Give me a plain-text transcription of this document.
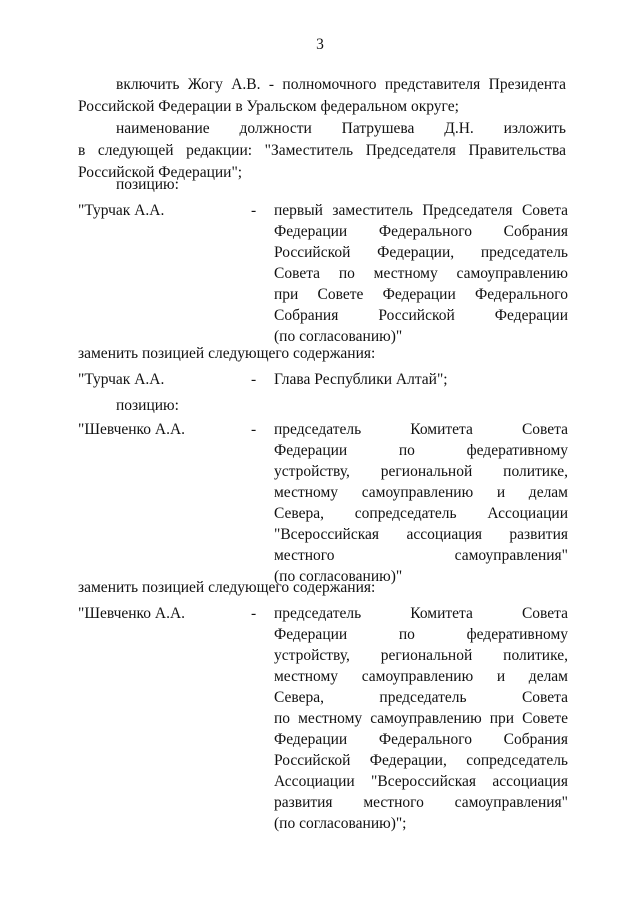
3
включить Жогу А.В. - полномочного представителя Президента
Российской Федерации в Уральском федеральном округе;
наименование должности Патрушева Д.Н. изложить
в следующей редакции: "Заместитель Председателя Правительства
Российской Федерации";
позицию:
"Турчак А.А.	- первый заместитель Председателя Совета
Федерации Федерального Собрания
Российской Федерации, председатель
Совета по местному самоуправлению
при Совете Федерации Федерального
Собрания Российской Федерации
(по согласованию)"
заменить позицией следующего содержания:
"Турчак А.А.	- Глава Республики Алтай";
позицию:
"Шевченко А.А.	- председатель Комитета Совета
Федерации по федеративному
устройству, региональной политике,
местному самоуправлению и делам
Севера, сопредседатель Ассоциации
"Всероссийская ассоциация развития
местного самоуправления"
(по согласованию)"
заменить позицией следующего содержания:
"Шевченко А.А.	- председатель Комитета Совета
Федерации по федеративному
устройству, региональной политике,
местному самоуправлению и делам
Севера, председатель Совета
по местному самоуправлению при Совете
Федерации Федерального Собрания
Российской Федерации, сопредседатель
Ассоциации "Всероссийская ассоциация
развития местного самоуправления"
(по согласованию)";
